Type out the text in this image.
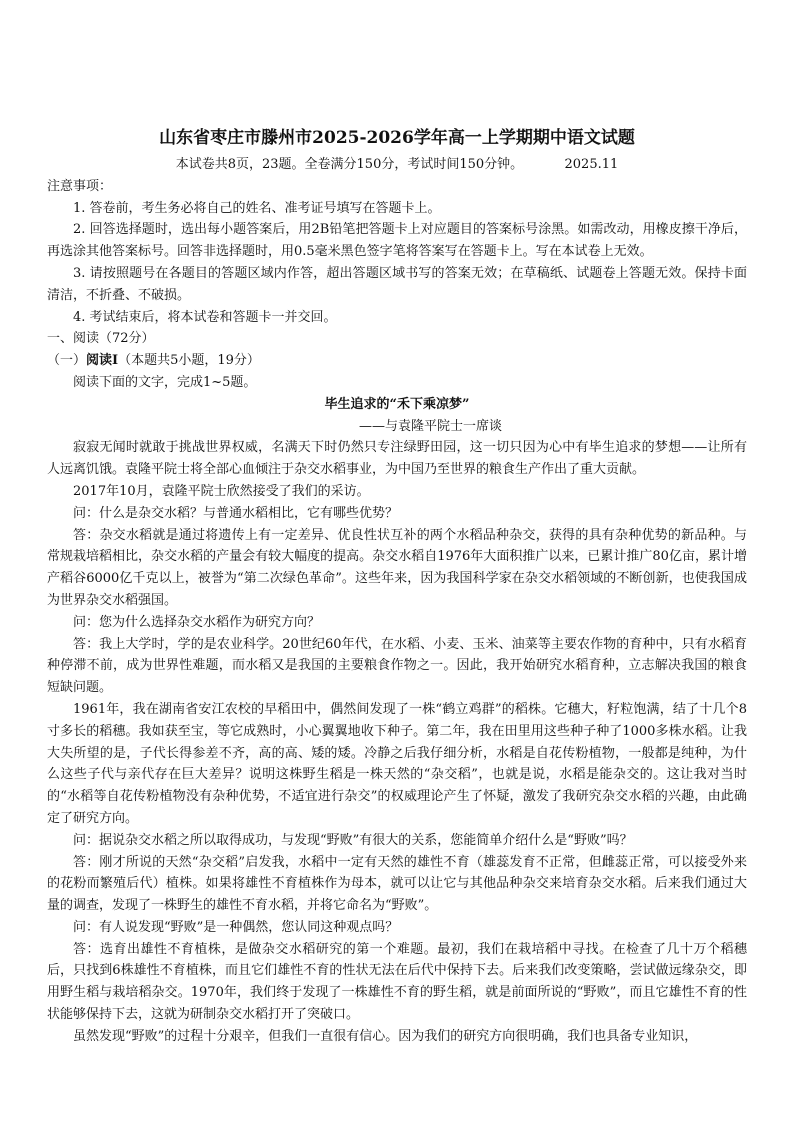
山东省枣庄市滕州市2025-2026学年高一上学期期中语文试题
本试卷共8页，23题。全卷满分150分，考试时间150分钟。	2025.11

注意事项：

1. 答卷前，考生务必将自己的姓名、准考证号填写在答题卡上。

2. 回答选择题时，选出每小题答案后，用2B铅笔把答题卡上对应题目的答案标号涂黑。如需改动，用橡皮擦干净后，再选涂其他答案标号。回答非选择题时，用0.5毫米黑色签字笔将答案写在答题卡上。写在本试卷上无效。

3. 请按照题号在各题目的答题区域内作答，超出答题区域书写的答案无效；在草稿纸、试题卷上答题无效。保持卡面清洁，不折叠、不破损。

4. 考试结束后，将本试卷和答题卡一并交回。

一、阅读（72分）

（一）阅读Ⅰ（本题共5小题，19分）

阅读下面的文字，完成1~5题。

毕生追求的“禾下乘凉梦”

——与袁隆平院士一席谈

寂寂无闻时就敢于挑战世界权威，名满天下时仍然只专注绿野田园，这一切只因为心中有毕生追求的梦想——让所有人远离饥饿。袁隆平院士将全部心血倾注于杂交水稻事业，为中国乃至世界的粮食生产作出了重大贡献。

2017年10月，袁隆平院士欣然接受了我们的采访。

问：什么是杂交水稻？与普通水稻相比，它有哪些优势？

答：杂交水稻就是通过将遗传上有一定差异、优良性状互补的两个水稻品种杂交，获得的具有杂种优势的新品种。与常规栽培稻相比，杂交水稻的产量会有较大幅度的提高。杂交水稻自1976年大面积推广以来，已累计推广80亿亩，累计增产稻谷6000亿千克以上，被誉为“第二次绿色革命”。这些年来，因为我国科学家在杂交水稻领域的不断创新，也使我国成为世界杂交水稻强国。

问：您为什么选择杂交水稻作为研究方向？

答：我上大学时，学的是农业科学。20世纪60年代，在水稻、小麦、玉米、油菜等主要农作物的育种中，只有水稻育种停滞不前，成为世界性难题，而水稻又是我国的主要粮食作物之一。因此，我开始研究水稻育种，立志解决我国的粮食短缺问题。

1961年，我在湖南省安江农校的早稻田中，偶然间发现了一株“鹤立鸡群”的稻株。它穗大，籽粒饱满，结了十几个8寸多长的稻穗。我如获至宝，等它成熟时，小心翼翼地收下种子。第二年，我在田里用这些种子种了1000多株水稻。让我大失所望的是，子代长得参差不齐，高的高、矮的矮。冷静之后我仔细分析，水稻是自花传粉植物，一般都是纯种，为什么这些子代与亲代存在巨大差异？说明这株野生稻是一株天然的“杂交稻”，也就是说，水稻是能杂交的。这让我对当时的“水稻等自花传粉植物没有杂种优势，不适宜进行杂交”的权威理论产生了怀疑，激发了我研究杂交水稻的兴趣，由此确定了研究方向。

问：据说杂交水稻之所以取得成功，与发现“野败”有很大的关系，您能简单介绍什么是“野败”吗？

答：刚才所说的天然“杂交稻”启发我，水稻中一定有天然的雄性不育（雄蕊发育不正常，但雌蕊正常，可以接受外来的花粉而繁殖后代）植株。如果将雄性不育植株作为母本，就可以让它与其他品种杂交来培育杂交水稻。后来我们通过大量的调查，发现了一株野生的雄性不育水稻，并将它命名为“野败”。

问：有人说发现“野败”是一种偶然，您认同这种观点吗？

答：选育出雄性不育植株，是做杂交水稻研究的第一个难题。最初，我们在栽培稻中寻找。在检查了几十万个稻穗后，只找到6株雄性不育植株，而且它们雄性不育的性状无法在后代中保持下去。后来我们改变策略，尝试做远缘杂交，即用野生稻与栽培稻杂交。1970年，我们终于发现了一株雄性不育的野生稻，就是前面所说的“野败”，而且它雄性不育的性状能够保持下去，这就为研制杂交水稻打开了突破口。

虽然发现“野败”的过程十分艰辛，但我们一直很有信心。因为我们的研究方向很明确，我们也具备专业知识，
